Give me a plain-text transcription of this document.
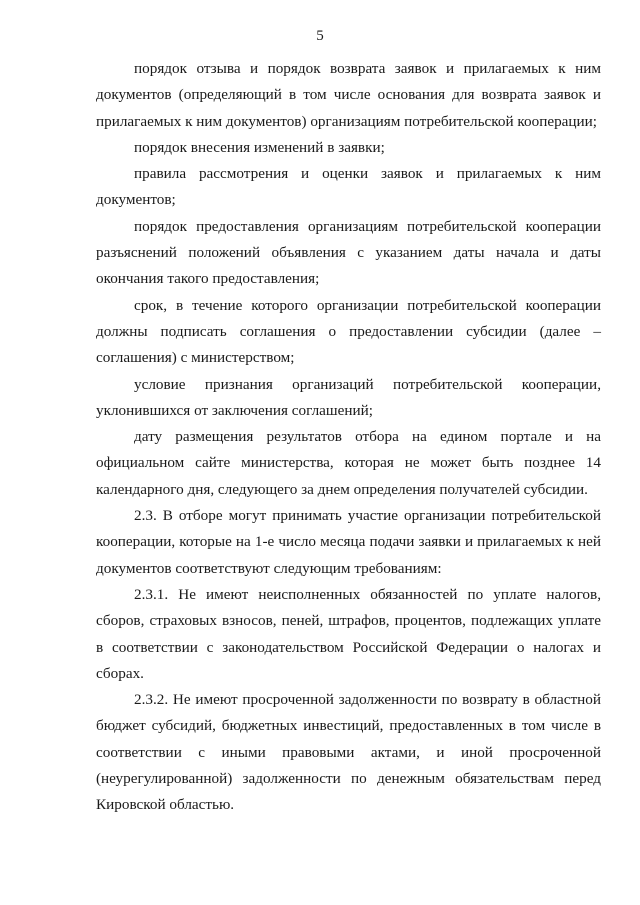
5

порядок отзыва и порядок возврата заявок и прилагаемых к ним документов (определяющий в том числе основания для возврата заявок и прилагаемых к ним документов) организациям потребительской кооперации;

порядок внесения изменений в заявки;

правила рассмотрения и оценки заявок и прилагаемых к ним документов;

порядок предоставления организациям потребительской кооперации разъяснений положений объявления с указанием даты начала и даты окончания такого предоставления;

срок, в течение которого организации потребительской кооперации должны подписать соглашения о предоставлении субсидии (далее – соглашения) с министерством;

условие признания организаций потребительской кооперации, уклонившихся от заключения соглашений;

дату размещения результатов отбора на едином портале и на официальном сайте министерства, которая не может быть позднее 14 календарного дня, следующего за днем определения получателей субсидии.

2.3. В отборе могут принимать участие организации потребительской кооперации, которые на 1-е число месяца подачи заявки и прилагаемых к ней документов соответствуют следующим требованиям:

2.3.1. Не имеют неисполненных обязанностей по уплате налогов, сборов, страховых взносов, пеней, штрафов, процентов, подлежащих уплате в соответствии с законодательством Российской Федерации о налогах и сборах.

2.3.2. Не имеют просроченной задолженности по возврату в областной бюджет субсидий, бюджетных инвестиций, предоставленных в том числе в соответствии с иными правовыми актами, и иной просроченной (неурегулированной) задолженности по денежным обязательствам перед Кировской областью.
